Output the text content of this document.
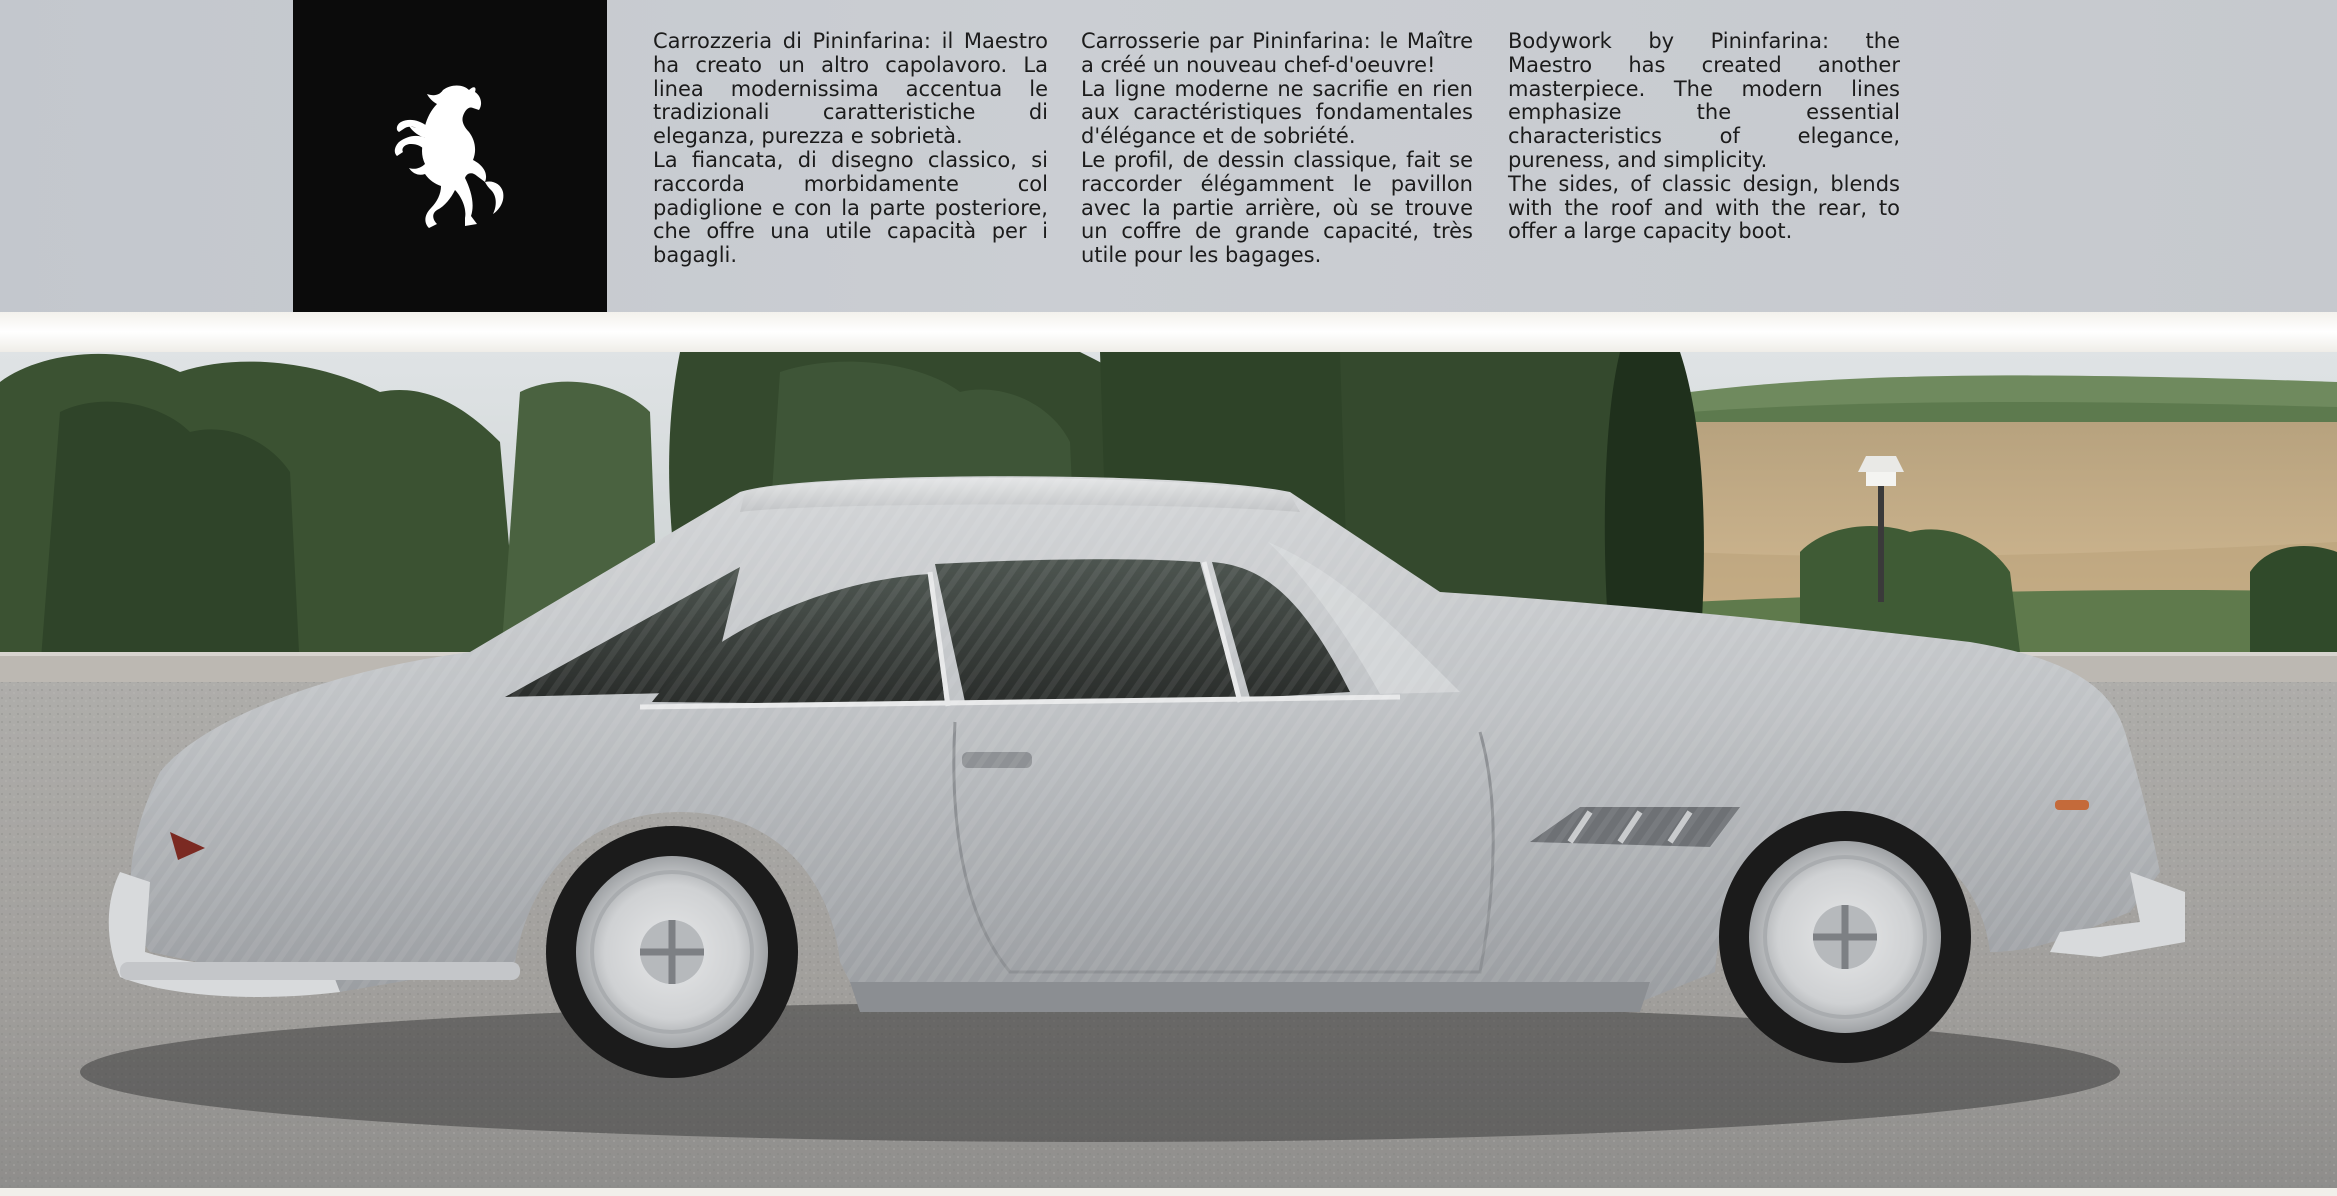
Carrozzeria di Pininfarina: il Maestro ha creato un altro capolavoro. La linea modernissima accentua le tradizionali caratteristiche di eleganza, purezza e sobrietà.
La fiancata, di disegno classico, si raccorda morbidamente col padiglione e con la parte posteriore, che offre una utile capacità per i bagagli.

Carrosserie par Pininfarina: le Maître a créé un nouveau chef-d'oeuvre!
La ligne moderne ne sacrifie en rien aux caractéristiques fondamentales d'élégance et de sobriété.
Le profil, de dessin classique, fait se raccorder élégamment le pavillon avec la partie arrière, où se trouve un coffre de grande capacité, très utile pour les bagages.

Bodywork by Pininfarina: the Maestro has created another masterpiece. The modern lines emphasize the essential characteristics of elegance, pureness, and simplicity.
The sides, of classic design, blends with the roof and with the rear, to offer a large capacity boot.
